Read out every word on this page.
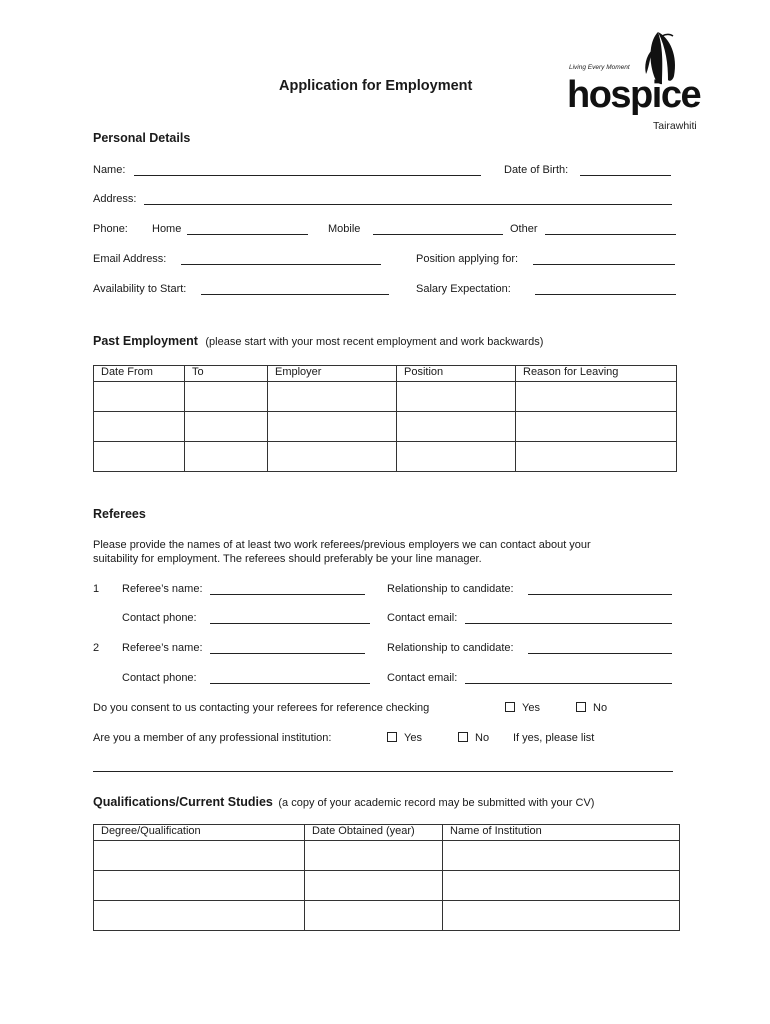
Application for Employment
Living Every Moment
hospice
Tairawhiti
Personal Details
Name:	Date of Birth:
Address:
Phone: Home	Mobile	Other
Email Address:	Position applying for:
Availability to Start:	Salary Expectation:
Past Employment (please start with your most recent employment and work backwards)
Date From	To	Employer	Position	Reason for Leaving

Referees
Please provide the names of at least two work referees/previous employers we can contact about your
suitability for employment. The referees should preferably be your line manager.
1 Referee’s name:	Relationship to candidate:
Contact phone:	Contact email:
2 Referee’s name:	Relationship to candidate:
Contact phone:	Contact email:
Do you consent to us contacting your referees for reference checking	Yes	No
Are you a member of any professional institution:	Yes	No If yes, please list
Qualifications/Current Studies (a copy of your academic record may be submitted with your CV)
Degree/Qualification	Date Obtained (year)	Name of Institution
